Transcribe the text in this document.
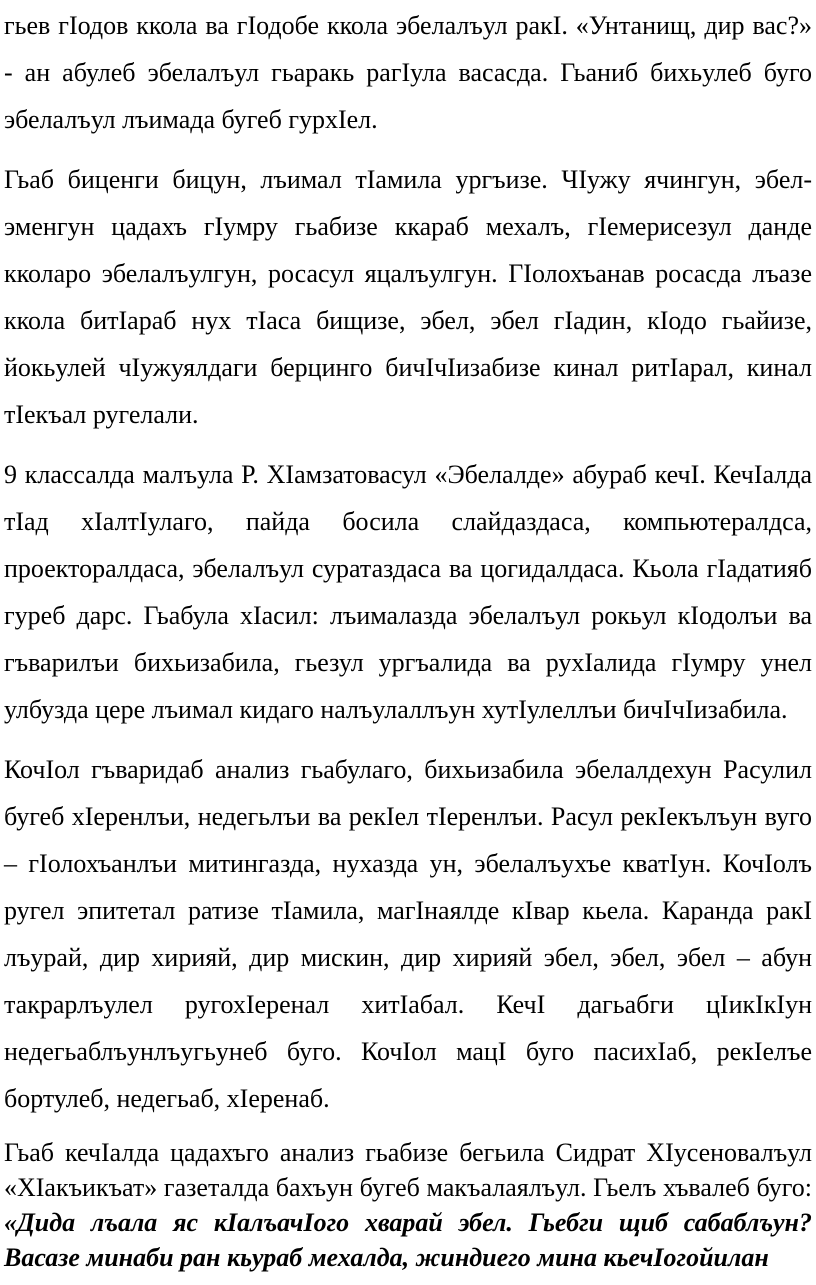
гьев гIодов ккола ва гIодобе ккола эбелалъул ракI. «Унтанищ, дир вас?» - ан абулеб эбелалъул гьаракь рагIула васасда. Гьаниб бихьулеб буго эбелалъул лъимада бугеб гурхIел.

Гьаб биценги бицун, лъимал тIамила ургъизе. ЧIужу ячингун, эбел-эменгун цадахъ гIумру гьабизе ккараб мехалъ, гIемерисезул данде кколаро эбелалъулгун, росасул яцалъулгун. ГIолохъанав росасда лъазе ккола битIараб нух тIаса бищизе, эбел, эбел гIадин, кIодо гьайизе, йокьулей чIужуялдаги берцинго бичIчIизабизе кинал ритIарал, кинал тIекъал ругелали.

9 классалда малъула Р. ХIамзатовасул «Эбелалде» абураб кечI. КечIалда тIад хIалтIулаго, пайда босила слайдаздаса, компьютералдса, проекторалдаса, эбелалъул суратаздаса ва цогидалдаса. Кьола гIадатияб гуреб дарс. Гьабула хIасил: лъималазда эбелалъул рокьул кIодолъи ва гъварилъи бихьизабила, гьезул ургъалида ва рухIалида гIумру унел улбузда цере лъимал кидаго налъулаллъун хутIулеллъи бичIчIизабила.

КочIол гъваридаб анализ гьабулаго, бихьизабила эбелалдехун Расулил бугеб хIеренлъи, недегьлъи ва рекIел тIеренлъи. Расул рекIекълъун вуго – гIолохъанлъи митингазда, нухазда ун, эбелалъухъе кватIун. КочIолъ ругел эпитетал ратизе тIамила, магIнаялде кIвар кьела. Каранда ракI лъурай, дир хирияй, дир мискин, дир хирияй эбел, эбел, эбел – абун такрарлъулел ругохIеренал хитIабал. КечI дагьабги цIикIкIун недегьаблъунлъугьунеб буго. КочIол мацI буго пасихIаб, рекIелъе бортулеб, недегьаб, хIеренаб.

Гьаб кечIалда цадахъго анализ гьабизе бегьила Сидрат ХIусеновалъул «ХIакъикъат» газеталда бахъун бугеб макъалаялъул. Гьелъ хъвалеб буго: «Дида лъала яс кIалъачIого хварай эбел. Гьебги щиб сабаблъун? Васазе минаби ран кьураб мехалда, жиндиего мина кьечIогойилан
